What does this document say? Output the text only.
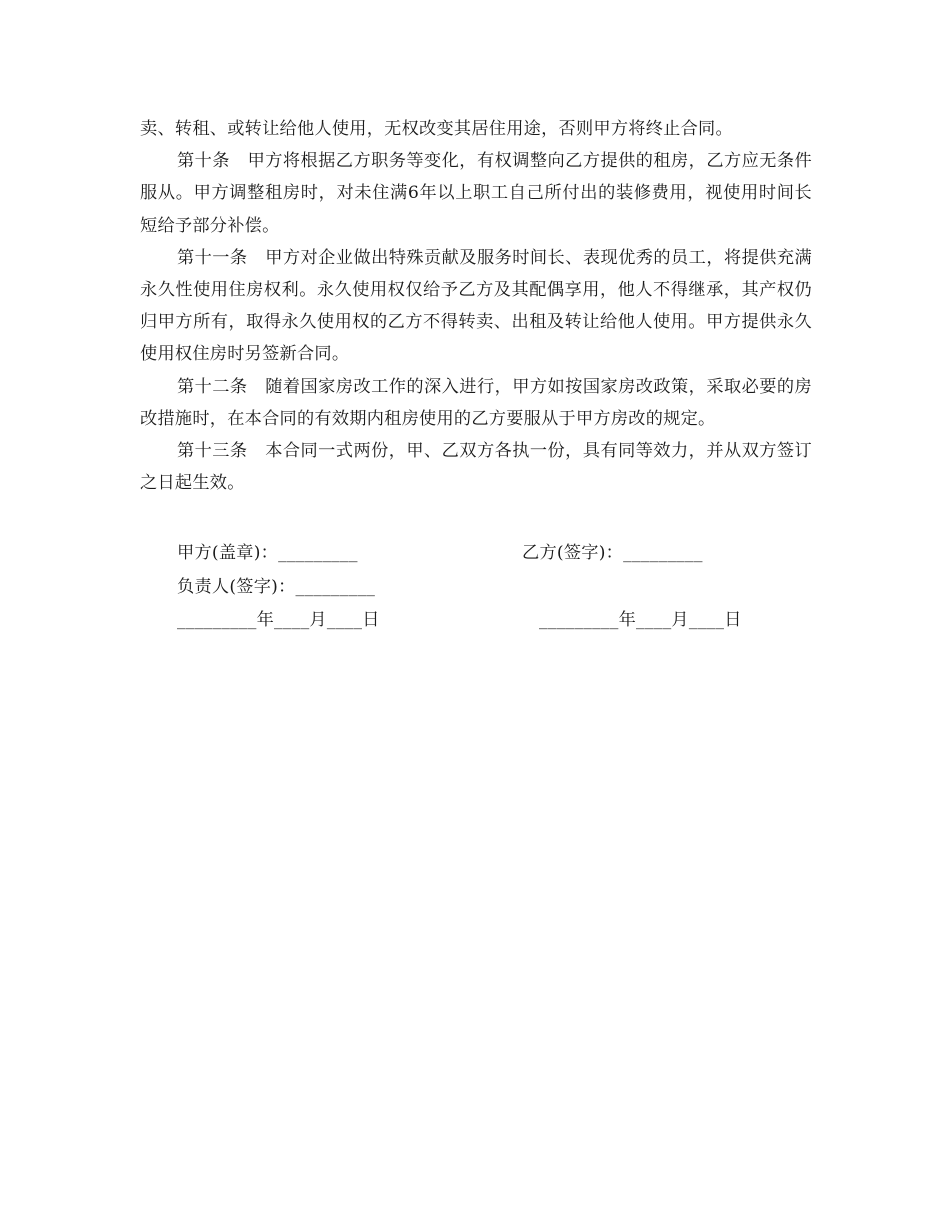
卖、转租、或转让给他人使用，无权改变其居住用途，否则甲方将终止合同。

第十条　甲方将根据乙方职务等变化，有权调整向乙方提供的租房，乙方应无条件服从。甲方调整租房时，对未住满6年以上职工自己所付出的装修费用，视使用时间长短给予部分补偿。

第十一条　甲方对企业做出特殊贡献及服务时间长、表现优秀的员工，将提供充满永久性使用住房权利。永久使用权仅给予乙方及其配偶享用，他人不得继承，其产权仍归甲方所有，取得永久使用权的乙方不得转卖、出租及转让给他人使用。甲方提供永久使用权住房时另签新合同。

第十二条　随着国家房改工作的深入进行，甲方如按国家房改政策，采取必要的房改措施时，在本合同的有效期内租房使用的乙方要服从于甲方房改的规定。

第十三条　本合同一式两份，甲、乙双方各执一份，具有同等效力，并从双方签订之日起生效。

甲方(盖章)：_________	乙方(签字)：_________
负责人(签字)：_________
_________年____月____日	_________年____月____日
